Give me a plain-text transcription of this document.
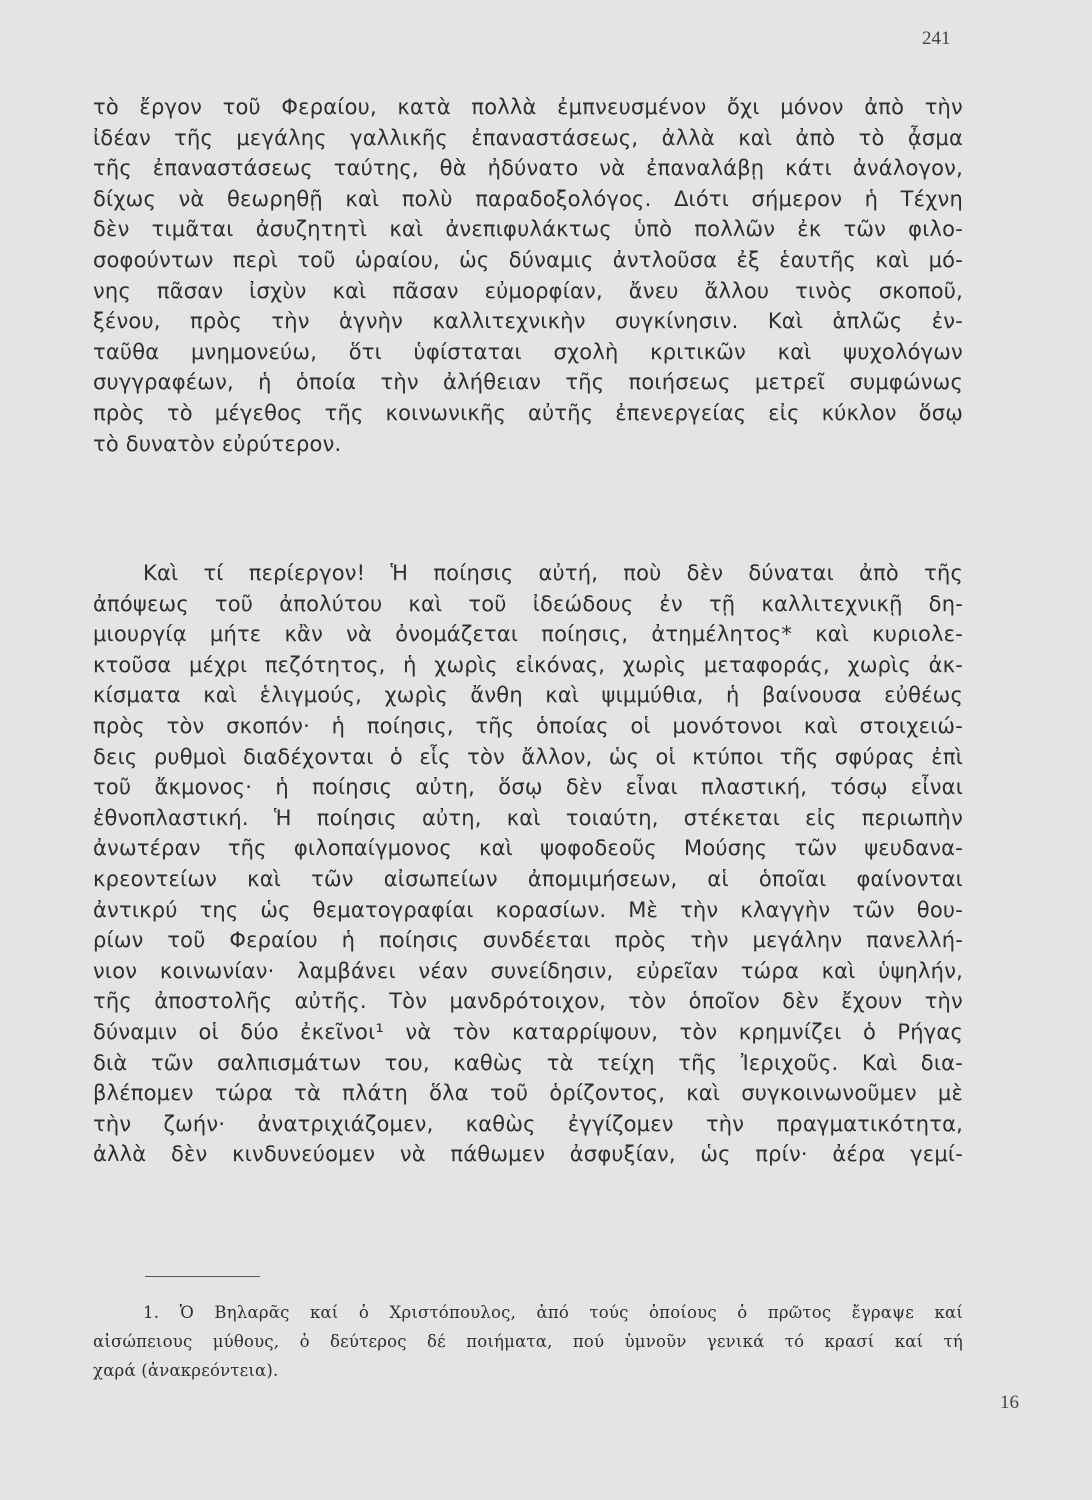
241
τὸ ἔργον τοῦ Φεραίου, κατὰ πολλὰ ἐμπνευσμένον ὄχι μόνον ἀπὸ τὴν
ἰδέαν τῆς μεγάλης γαλλικῆς ἐπαναστάσεως, ἀλλὰ καὶ ἀπὸ τὸ ᾆσμα
τῆς ἐπαναστάσεως ταύτης, θὰ ἠδύνατο νὰ ἐπαναλάβῃ κάτι ἀνάλογον,
δίχως νὰ θεωρηθῇ καὶ πολὺ παραδοξολόγος. Διότι σήμερον ἡ Τέχνη
δὲν τιμᾶται ἀσυζητητὶ καὶ ἀνεπιφυλάκτως ὑπὸ πολλῶν ἐκ τῶν φιλο-
σοφούντων περὶ τοῦ ὡραίου, ὡς δύναμις ἀντλοῦσα ἐξ ἑαυτῆς καὶ μό-
νης πᾶσαν ἰσχὺν καὶ πᾶσαν εὐμορφίαν, ἄνευ ἄλλου τινὸς σκοποῦ,
ξένου, πρὸς τὴν ἁγνὴν καλλιτεχνικὴν συγκίνησιν. Καὶ ἁπλῶς ἐν-
ταῦθα μνημονεύω, ὅτι ὑφίσταται σχολὴ κριτικῶν καὶ ψυχολόγων
συγγραφέων, ἡ ὁποία τὴν ἀλήθειαν τῆς ποιήσεως μετρεῖ συμφώνως
πρὸς τὸ μέγεθος τῆς κοινωνικῆς αὐτῆς ἐπενεργείας εἰς κύκλον ὅσῳ
τὸ δυνατὸν εὐρύτερον.
Καὶ τί περίεργον! Ἡ ποίησις αὐτή, ποὺ δὲν δύναται ἀπὸ τῆς
ἀπόψεως τοῦ ἀπολύτου καὶ τοῦ ἰδεώδους ἐν τῇ καλλιτεχνικῇ δη-
μιουργίᾳ μήτε κἂν νὰ ὀνομάζεται ποίησις, ἀτημέλητος* καὶ κυριολε-
κτοῦσα μέχρι πεζότητος, ἡ χωρὶς εἰκόνας, χωρὶς μεταφοράς, χωρὶς ἀκ-
κίσματα καὶ ἑλιγμούς, χωρὶς ἄνθη καὶ ψιμμύθια, ἡ βαίνουσα εὐθέως
πρὸς τὸν σκοπόν· ἡ ποίησις, τῆς ὁποίας οἱ μονότονοι καὶ στοιχειώ-
δεις ρυθμοὶ διαδέχονται ὁ εἷς τὸν ἄλλον, ὡς οἱ κτύποι τῆς σφύρας ἐπὶ
τοῦ ἄκμονος· ἡ ποίησις αὐτη, ὅσῳ δὲν εἶναι πλαστική, τόσῳ εἶναι
ἐθνοπλαστική. Ἡ ποίησις αὐτη, καὶ τοιαύτη, στέκεται εἰς περιωπὴν
ἀνωτέραν τῆς φιλοπαίγμονος καὶ ψοφοδεοῦς Μούσης τῶν ψευδανα-
κρεοντείων καὶ τῶν αἰσωπείων ἀπομιμήσεων, αἱ ὁποῖαι φαίνονται
ἀντικρύ της ὡς θεματογραφίαι κορασίων. Μὲ τὴν κλαγγὴν τῶν θου-
ρίων τοῦ Φεραίου ἡ ποίησις συνδέεται πρὸς τὴν μεγάλην πανελλή-
νιον κοινωνίαν· λαμβάνει νέαν συνείδησιν, εὐρεῖαν τώρα καὶ ὑψηλήν,
τῆς ἀποστολῆς αὐτῆς. Τὸν μανδρότοιχον, τὸν ὁποῖον δὲν ἔχουν τὴν
δύναμιν οἱ δύο ἐκεῖνοι¹ νὰ τὸν καταρρίψουν, τὸν κρημνίζει ὁ Ρήγας
διὰ τῶν σαλπισμάτων του, καθὼς τὰ τείχη τῆς Ἰεριχοῦς. Καὶ δια-
βλέπομεν τώρα τὰ πλάτη ὅλα τοῦ ὁρίζοντος, καὶ συγκοινωνοῦμεν μὲ
τὴν ζωήν· ἀνατριχιάζομεν, καθὼς ἐγγίζομεν τὴν πραγματικότητα,
ἀλλὰ δὲν κινδυνεύομεν νὰ πάθωμεν ἀσφυξίαν, ὡς πρίν· ἀέρα γεμί-
1. Ὁ Βηλαρᾶς καί ὁ Χριστόπουλος, ἀπό τούς ὁποίους ὁ πρῶτος ἔγραψε καί
αἰσώπειους μύθους, ὁ δεύτερος δέ ποιήματα, πού ὑμνοῦν γενικά τό κρασί καί τή
χαρά (ἀνακρεόντεια).
16
